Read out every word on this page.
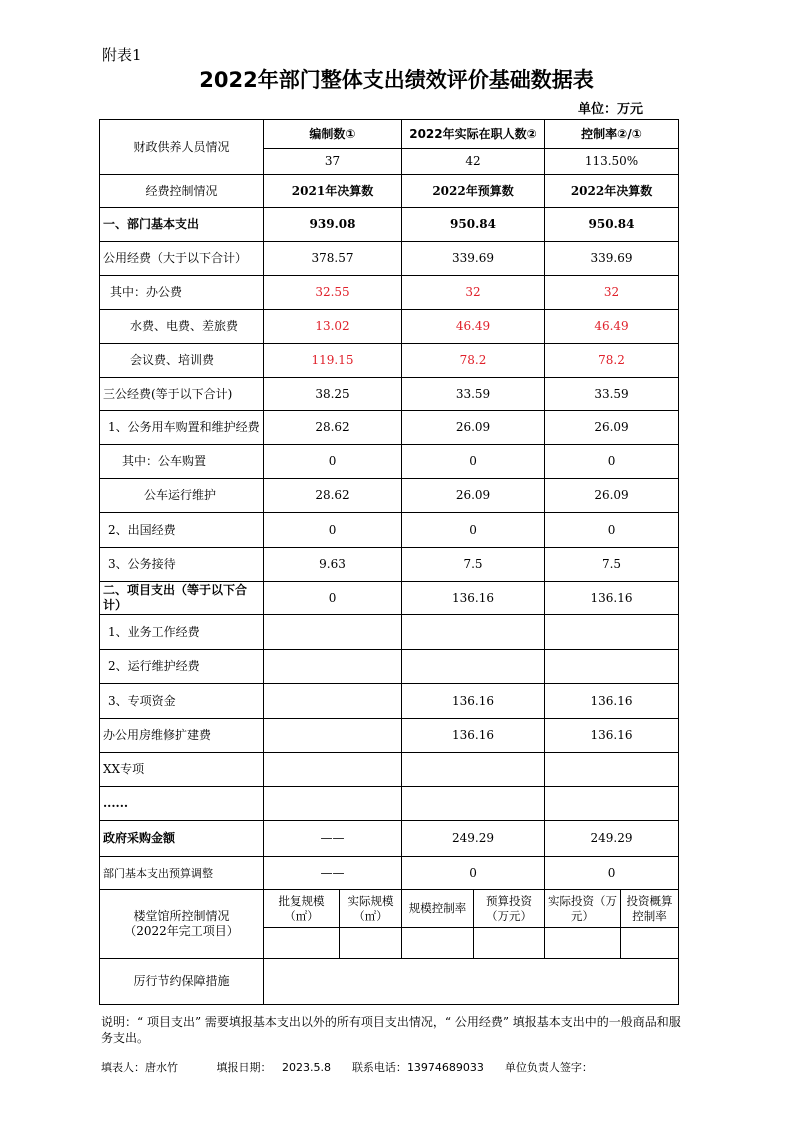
附表1
2022年部门整体支出绩效评价基础数据表
单位：万元
财政供养人员情况	编制数①		2022年实际在职人数②		控制率②/①	
	37		42		113.50%	
经费控制情况	2021年决算数		2022年预算数		2022年决算数	
一、部门基本支出	939.08		950.84		950.84	
公用经费（大于以下合计）	378.57		339.69		339.69	
其中：办公费	32.55		32		32	
水费、电费、差旅费	13.02		46.49		46.49	
会议费、培训费	119.15		78.2		78.2	
三公经费(等于以下合计)	38.25		33.59		33.59	
1、公务用车购置和维护经费	28.62		26.09		26.09	
其中：公车购置	0		0		0	
公车运行维护	28.62		26.09		26.09	
2、出国经费	0		0		0	
3、公务接待	9.63		7.5		7.5	
二、项目支出（等于以下合计）	0		136.16		136.16	
1、业务工作经费						
2、运行维护经费						
3、专项资金			136.16		136.16	
办公用房维修扩建费			136.16		136.16	
XX专项						
......						
政府采购金额	——		249.29		249.29	
部门基本支出预算调整	——		0		0	

楼堂馆所控制情况
（2022年完工项目）	批复规模（㎡）	实际规模（㎡）	规模控制率	预算投资（万元）	实际投资（万元）	投资概算控制率

厉行节约保障措施						
说明：“ 项目支出” 需要填报基本支出以外的所有项目支出情况，“ 公用经费” 填报基本支出中的一般商品和服务支出。
填表人：唐水竹	填报日期： 2023.5.8 联系电话：13974689033 单位负责人签字：
